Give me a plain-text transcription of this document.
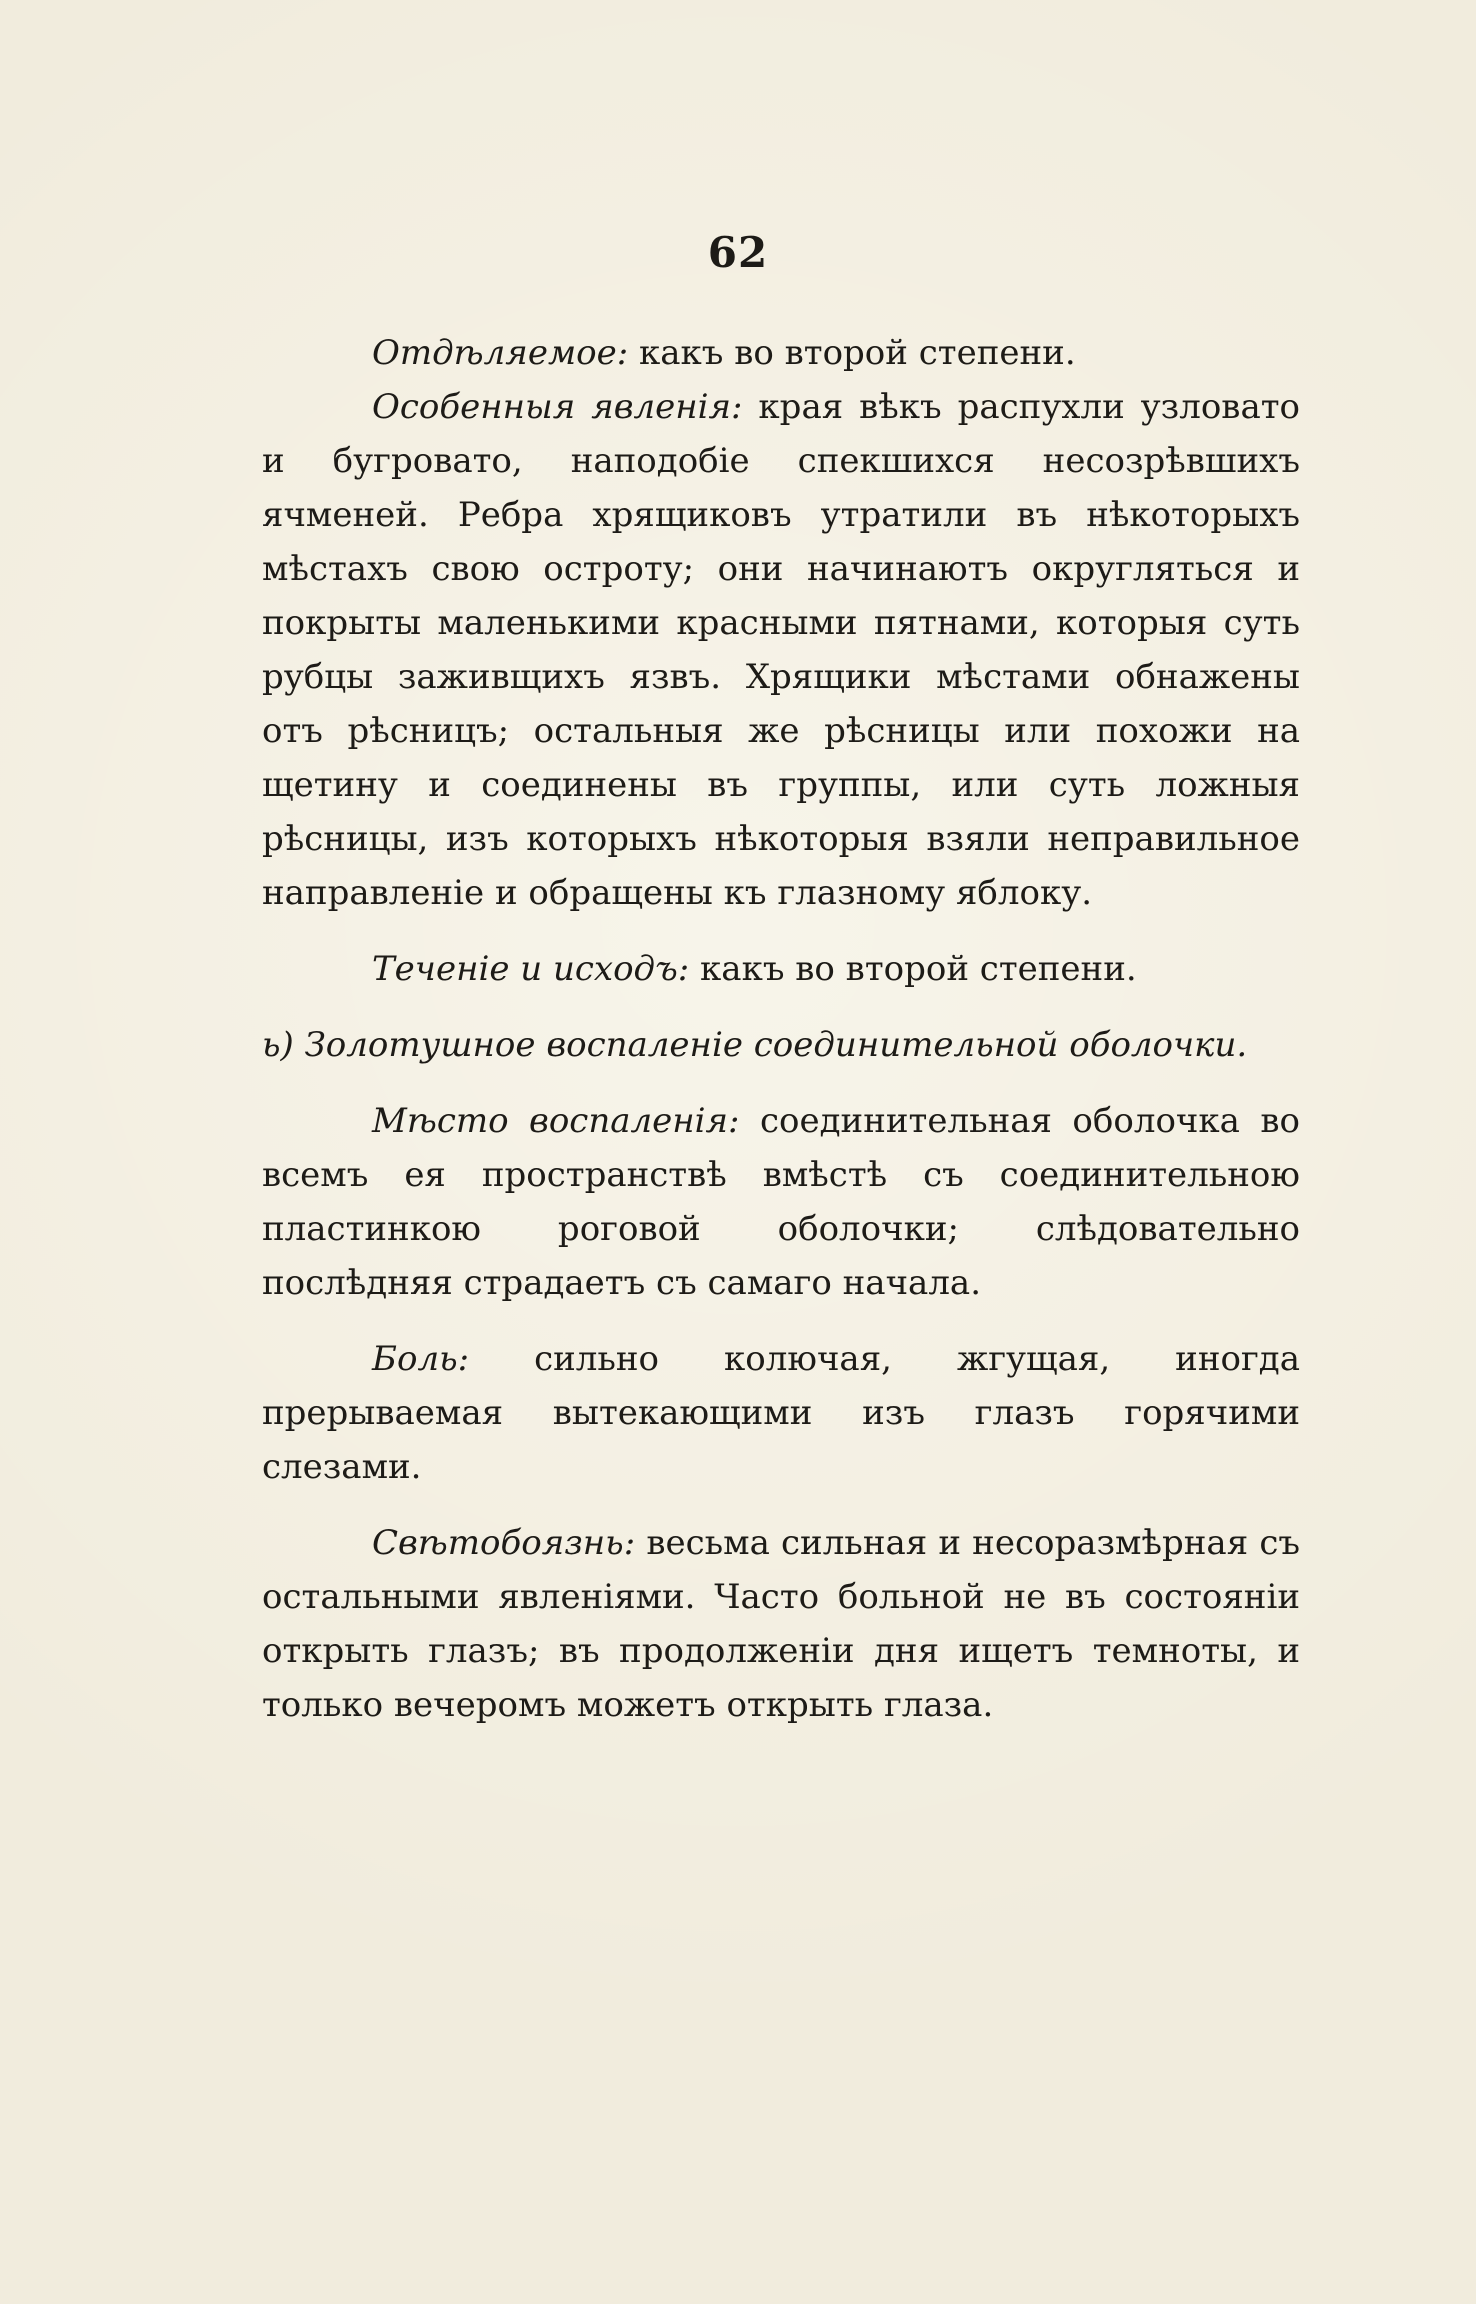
62

Отдѣляемое: какъ во второй степени.

Особенныя явленія: края вѣкъ распухли узловато и бугровато, наподобіе спекшихся несозрѣвшихъ ячменей. Ребра хрящиковъ утратили въ нѣкоторыхъ мѣстахъ свою остроту; они начинаютъ округляться и покрыты маленькими красными пятнами, которыя суть рубцы заживщихъ язвъ. Хрящики мѣстами обнажены отъ рѣсницъ; остальныя же рѣсницы или похожи на щетину и соединены въ группы, или суть ложныя рѣсницы, изъ которыхъ нѣкоторыя взяли неправильное направленіе и обращены къ глазному яблоку.

Теченіе и исходъ: какъ во второй степени.

ь) Золотушное воспаленіе соединительной оболочки.

Мѣсто воспаленія: соединительная оболочка во всемъ ея пространствѣ вмѣстѣ съ соединительною пластинкою роговой оболочки; слѣдовательно послѣдняя страдаетъ съ самаго начала.

Боль: сильно колючая, жгущая, иногда прерываемая вытекающими изъ глазъ горячими слезами.

Свѣтобоязнь: весьма сильная и несоразмѣрная съ остальными явленіями. Часто больной не въ состояніи открыть глазъ; въ продолженіи дня ищетъ темноты, и только вечеромъ можетъ открыть глаза.
